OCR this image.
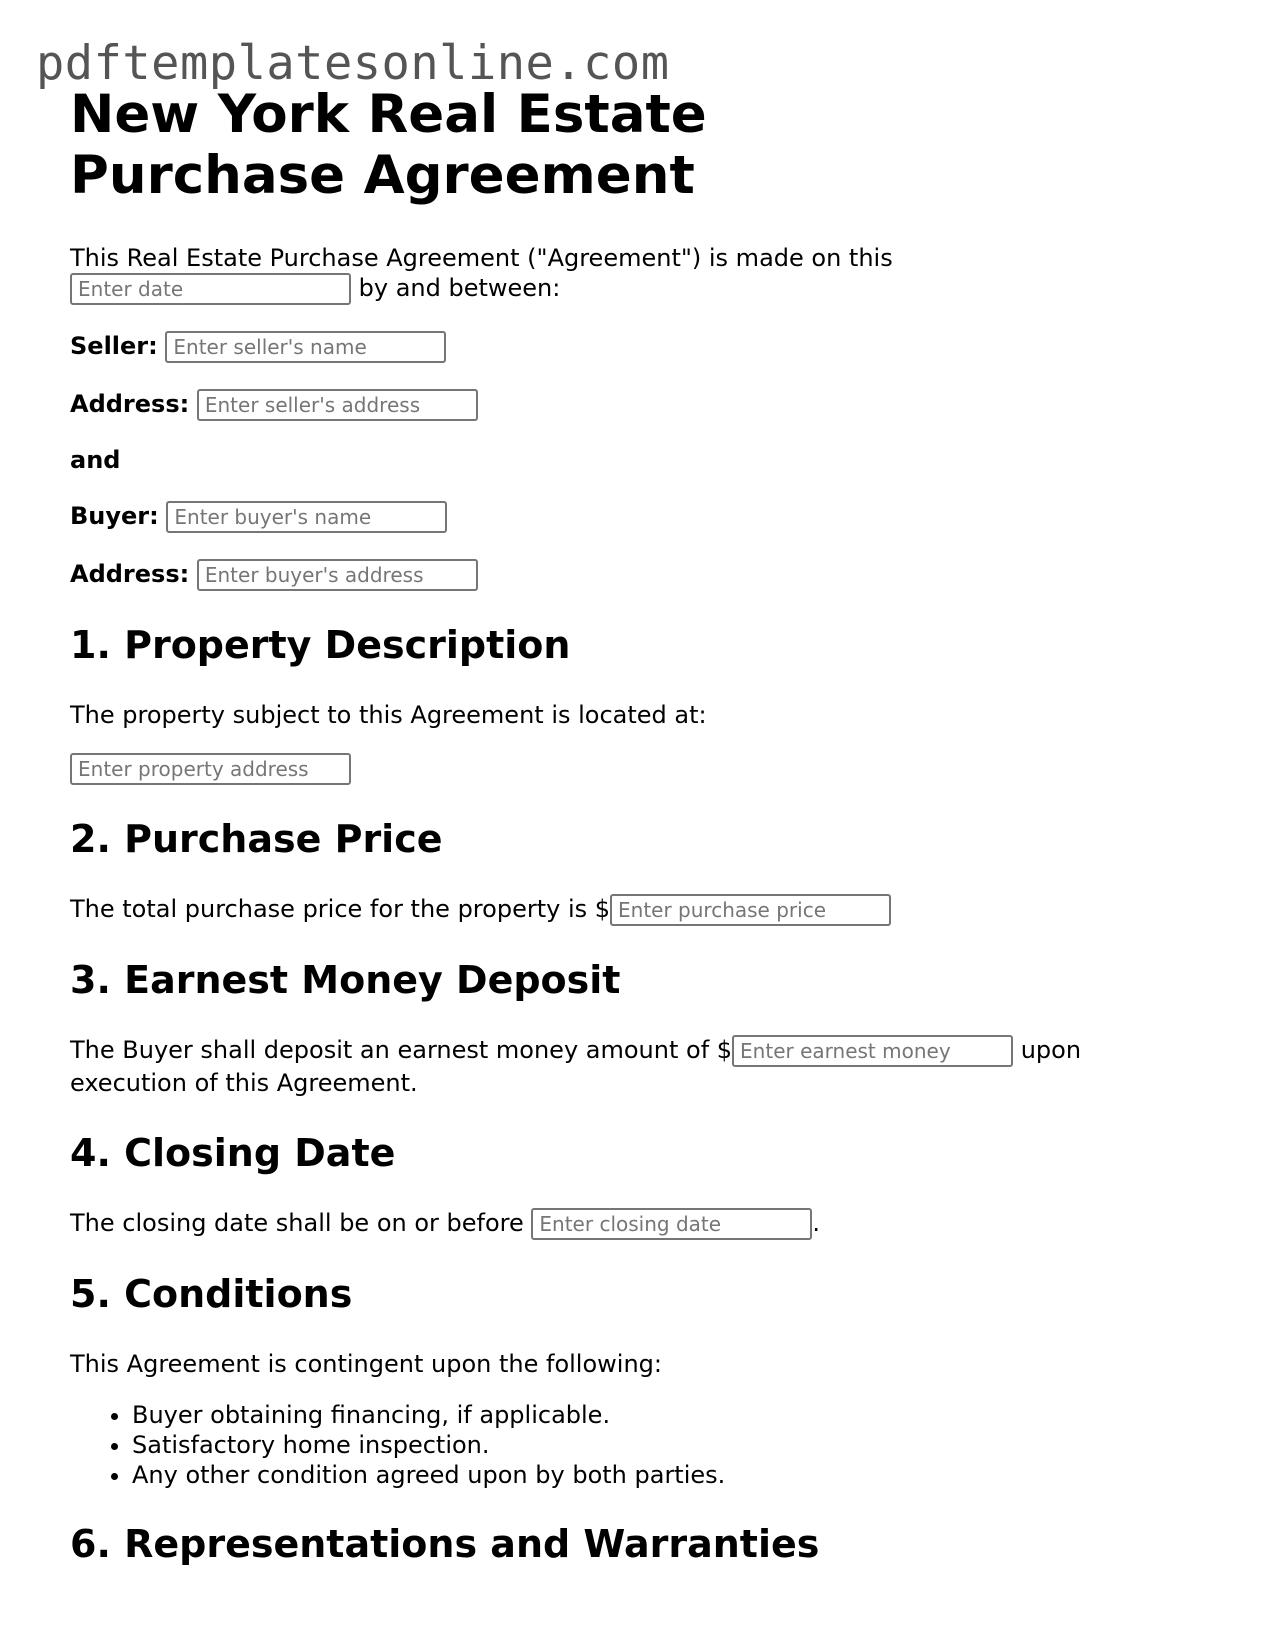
pdftemplatesonline.com
New York Real Estate Purchase Agreement

This Real Estate Purchase Agreement ("Agreement") is made on this
Enter date by and between:

Seller: Enter seller's name
Address: Enter seller's address
and
Buyer: Enter buyer's name
Address: Enter buyer's address
1. Property Description

The property subject to this Agreement is located at:

Enter property address
2. Purchase Price

The total purchase price for the property is $Enter purchase price

3. Earnest Money Deposit

The Buyer shall deposit an earnest money amount of $Enter earnest money	upon execution of this Agreement.

4. Closing Date

The closing date shall be on or before Enter closing date	.

5. Conditions

This Agreement is contingent upon the following:

• Buyer obtaining financing, if applicable.
• Satisfactory home inspection.
• Any other condition agreed upon by both parties.
6. Representations and Warranties
